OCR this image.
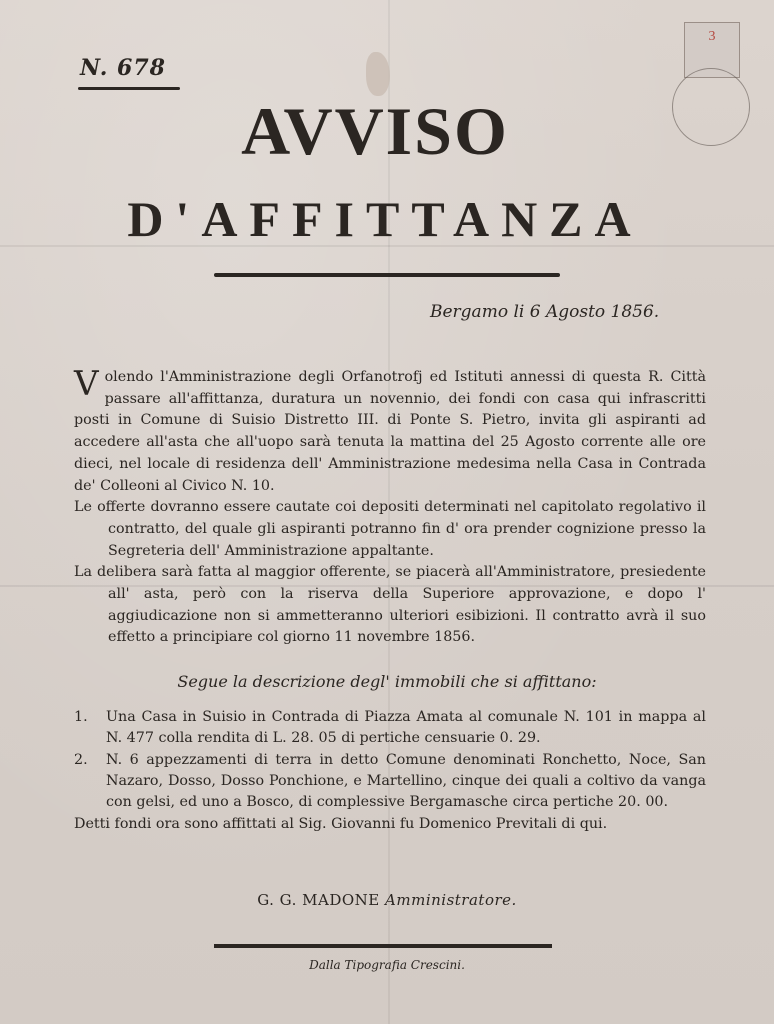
N. 678
3
AVVISO
D'AFFITTANZA
Bergamo li 6 Agosto 1856.

Volendo l'Amministrazione degli Orfanotrofj ed Istituti annessi di questa R. Città passare all'affittanza, duratura un novennio, dei fondi con casa qui infrascritti posti in Comune di Suisio Distretto III. di Ponte S. Pietro, invita gli aspiranti ad accedere all'asta che all'uopo sarà tenuta la mattina del 25 Agosto corrente alle ore dieci, nel locale di residenza dell' Amministrazione medesima nella Casa in Contrada de' Colleoni al Civico N. 10.

Le offerte dovranno essere cautate coi depositi determinati nel capitolato regolativo il contratto, del quale gli aspiranti potranno fin d' ora prender cognizione presso la Segreteria dell' Amministrazione appaltante.

La delibera sarà fatta al maggior offerente, se piacerà all'Amministratore, presiedente all' asta, però con la riserva della Superiore approvazione, e dopo l' aggiudicazione non si ammetteranno ulteriori esibizioni. Il contratto avrà il suo effetto a principiare col giorno 11 novembre 1856.

Segue la descrizione degl' immobili che si affittano:
1.	Una Casa in Suisio in Contrada di Piazza Amata al comunale N. 101 in mappa al N. 477 colla rendita di L. 28. 05 di pertiche censuarie 0. 29.
2.	N. 6 appezzamenti di terra in detto Comune denominati Ronchetto, Noce, San Nazaro, Dosso, Dosso Ponchione, e Martellino, cinque dei quali a coltivo da vanga con gelsi, ed uno a Bosco, di complessive Bergamasche circa pertiche 20. 00.
Detti fondi ora sono affittati al Sig. Giovanni fu Domenico Previtali di qui.
G. G. MADONE Amministratore.
Dalla Tipografia Crescini.
